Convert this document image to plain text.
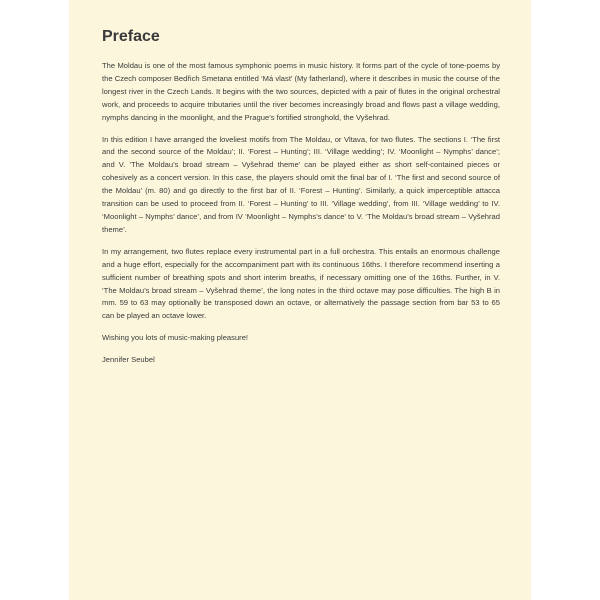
Preface

The Moldau is one of the most famous symphonic poems in music history. It forms part of the cycle of tone-poems by the Czech composer Bedřich Smetana entitled ‘Má vlast’ (My fatherland), where it describes in music the course of the longest river in the Czech Lands. It begins with the two sources, depicted with a pair of flutes in the original orchestral work, and proceeds to acquire tributaries until the river becomes increasingly broad and flows past a village wedding, nymphs dancing in the moonlight, and the Prague’s fortified stronghold, the Vyšehrad.

In this edition I have arranged the loveliest motifs from The Moldau, or Vltava, for two flutes. The sections I. ‘The first and the second source of the Moldau’; II. ‘Forest – Hunting’; III. ‘Village wedding’; IV. ‘Moonlight – Nymphs’ dance’; and V. ‘The Moldau’s broad stream – Vyšehrad theme’ can be played either as short self-contained pieces or cohesively as a concert version. In this case, the players should omit the final bar of I. ‘The first and second source of the Moldau’ (m. 80) and go directly to the first bar of II. ‘Forest – Hunting’. Similarly, a quick imperceptible attacca transition can be used to proceed from II. ‘Forest – Hunting’ to III. ‘Village wedding’, from III. ‘Village wedding’ to IV. ‘Moonlight – Nymphs’ dance’, and from IV ‘Moonlight – Nymphs’s dance’ to V. ‘The Moldau’s broad stream – Vyšehrad theme’.

In my arrangement, two flutes replace every instrumental part in a full orchestra. This entails an enormous challenge and a huge effort, especially for the accompaniment part with its continuous 16ths. I therefore recommend inserting a sufficient number of breathing spots and short interim breaths, if necessary omitting one of the 16ths. Further, in V. ‘The Moldau’s broad stream – Vyšehrad theme’, the long notes in the third octave may pose difficulties. The high B in mm. 59 to 63 may optionally be transposed down an octave, or alternatively the passage section from bar 53 to 65 can be played an octave lower.

Wishing you lots of music-making pleasure!

Jennifer Seubel
